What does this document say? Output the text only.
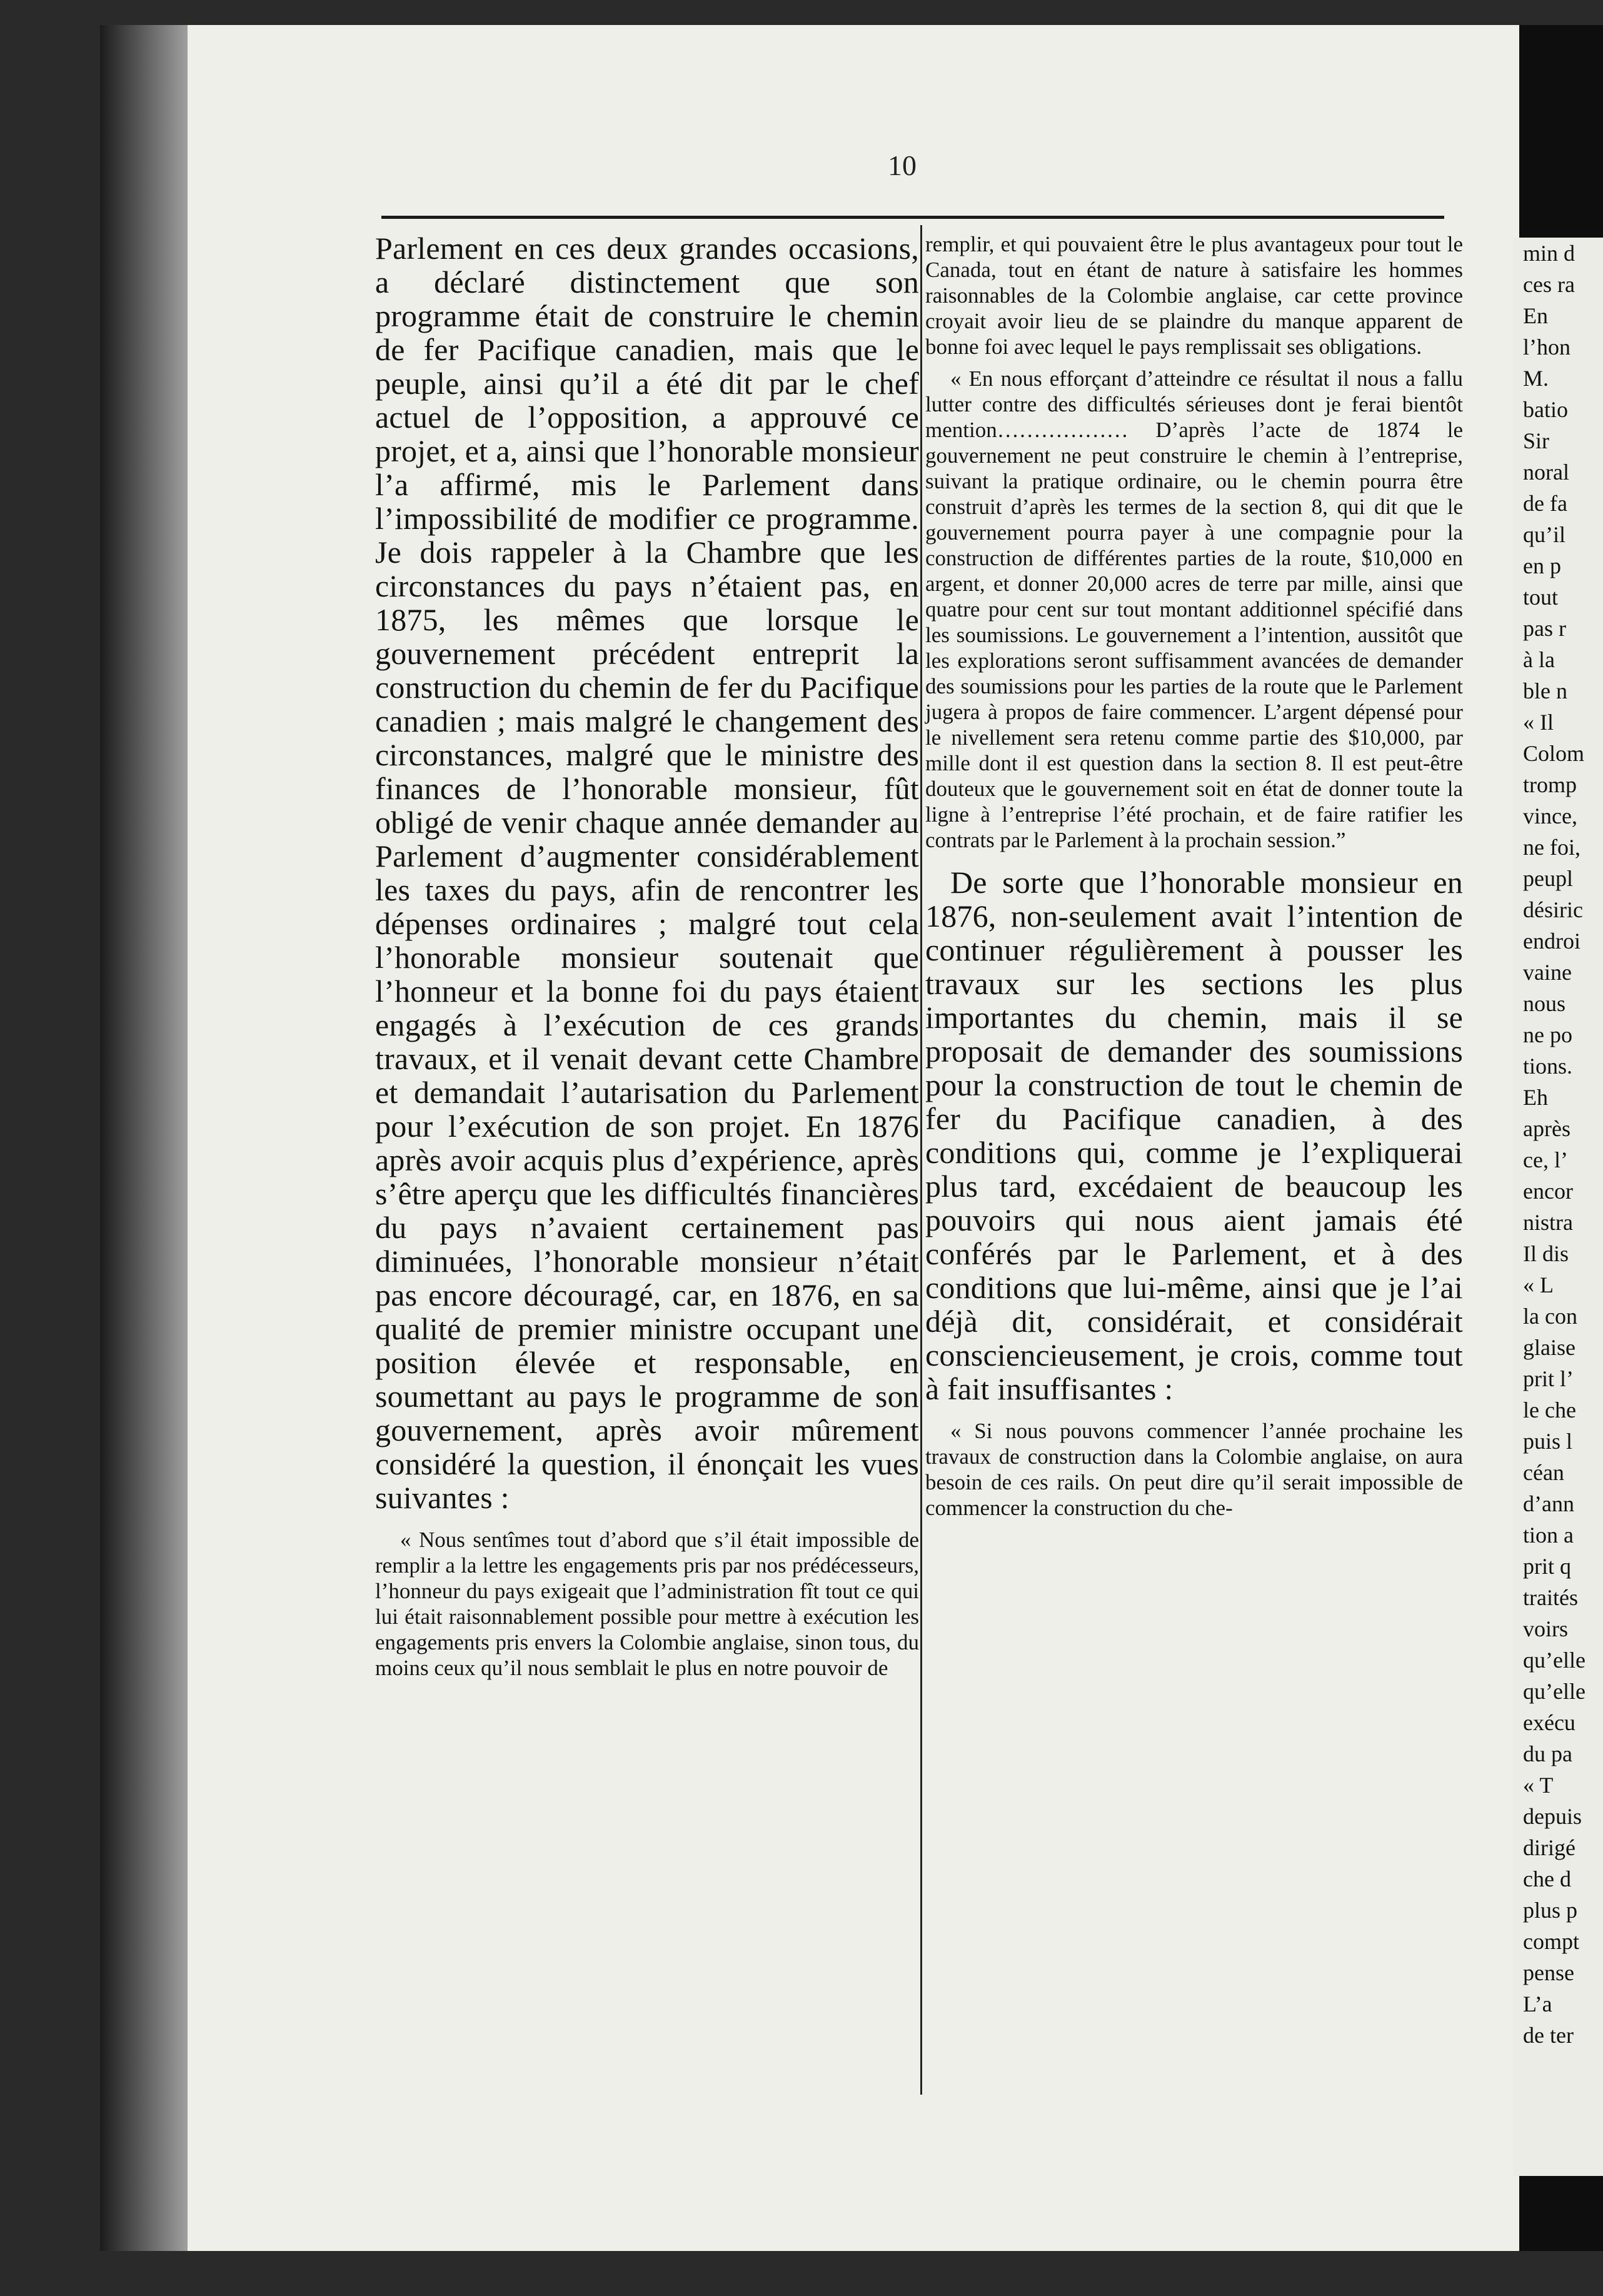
min d
ces ra
En
l’hon
M.
batio
Sir
noral
de fa
qu’il
en p
tout
pas r
à la
ble n
« Il
Colom
tromp
vince,
ne foi,
peupl
désiric
endroi
vaine
nous
ne po
tions.
Eh
après
ce, l’
encor
nistra
Il dis
« L
la con
glaise
prit l’
le che
puis l
céan
d’ann
tion a
prit q
traités
voirs
qu’elle
qu’elle
exécu
du pa
« T
depuis
dirigé
che d
plus p
compt
pense
L’a
de ter
10

Parlement en ces deux grandes occasions, a déclaré distinctement que son programme était de construire le chemin de fer Pacifique canadien, mais que le peuple, ainsi qu’il a été dit par le chef actuel de l’opposition, a approuvé ce projet, et a, ainsi que l’honorable monsieur l’a affirmé, mis le Parlement dans l’impossibilité de modifier ce programme. Je dois rappeler à la Chambre que les circonstances du pays n’étaient pas, en 1875, les mêmes que lorsque le gouvernement précédent entreprit la construction du chemin de fer du Pacifique canadien ; mais malgré le changement des circonstances, malgré que le ministre des finances de l’honorable monsieur, fût obligé de venir chaque année demander au Parlement d’augmenter considérablement les taxes du pays, afin de rencontrer les dépenses ordinaires ; malgré tout cela l’honorable monsieur soutenait que l’honneur et la bonne foi du pays étaient engagés à l’exécution de ces grands travaux, et il venait devant cette Chambre et demandait l’autarisation du Parlement pour l’exécution de son projet. En 1876 après avoir acquis plus d’expérience, après s’être aperçu que les difficultés financières du pays n’avaient certainement pas diminuées, l’honorable monsieur n’était pas encore découragé, car, en 1876, en sa qualité de premier ministre occupant une position élevée et responsable, en soumettant au pays le programme de son gouvernement, après avoir mûrement considéré la question, il énonçait les vues suivantes :

« Nous sentîmes tout d’abord que s’il était impossible de remplir a la lettre les engagements pris par nos prédécesseurs, l’honneur du pays exigeait que l’administration fît tout ce qui lui était raisonnablement possible pour mettre à exécution les engagements pris envers la Colombie anglaise, sinon tous, du moins ceux qu’il nous semblait le plus en notre pouvoir de

remplir, et qui pouvaient être le plus avantageux pour tout le Canada, tout en étant de nature à satisfaire les hommes raisonnables de la Colombie anglaise, car cette province croyait avoir lieu de se plaindre du manque apparent de bonne foi avec lequel le pays remplissait ses obligations.

« En nous efforçant d’atteindre ce résultat il nous a fallu lutter contre des difficultés sérieuses dont je ferai bientôt mention……………… D’après l’acte de 1874 le gouvernement ne peut construire le chemin à l’entreprise, suivant la pratique ordinaire, ou le chemin pourra être construit d’après les termes de la section 8, qui dit que le gouvernement pourra payer à une compagnie pour la construction de différentes parties de la route, $10,000 en argent, et donner 20,000 acres de terre par mille, ainsi que quatre pour cent sur tout montant additionnel spécifié dans les soumissions. Le gouvernement a l’intention, aussitôt que les explorations seront suffisamment avancées de demander des soumissions pour les parties de la route que le Parlement jugera à propos de faire commencer. L’argent dépensé pour le nivellement sera retenu comme partie des $10,000, par mille dont il est question dans la section 8. Il est peut-être douteux que le gouvernement soit en état de donner toute la ligne à l’entreprise l’été prochain, et de faire ratifier les contrats par le Parlement à la prochain session.”

De sorte que l’honorable monsieur en 1876, non-seulement avait l’intention de continuer régulièrement à pousser les travaux sur les sections les plus importantes du chemin, mais il se proposait de demander des soumissions pour la construction de tout le chemin de fer du Pacifique canadien, à des conditions qui, comme je l’expliquerai plus tard, excédaient de beaucoup les pouvoirs qui nous aient jamais été conférés par le Parlement, et à des conditions que lui-même, ainsi que je l’ai déjà dit, considérait, et considérait consciencieusement, je crois, comme tout à fait insuffisantes :

« Si nous pouvons commencer l’année prochaine les travaux de construction dans la Colombie anglaise, on aura besoin de ces rails. On peut dire qu’il serait impossible de commencer la construction du che-
